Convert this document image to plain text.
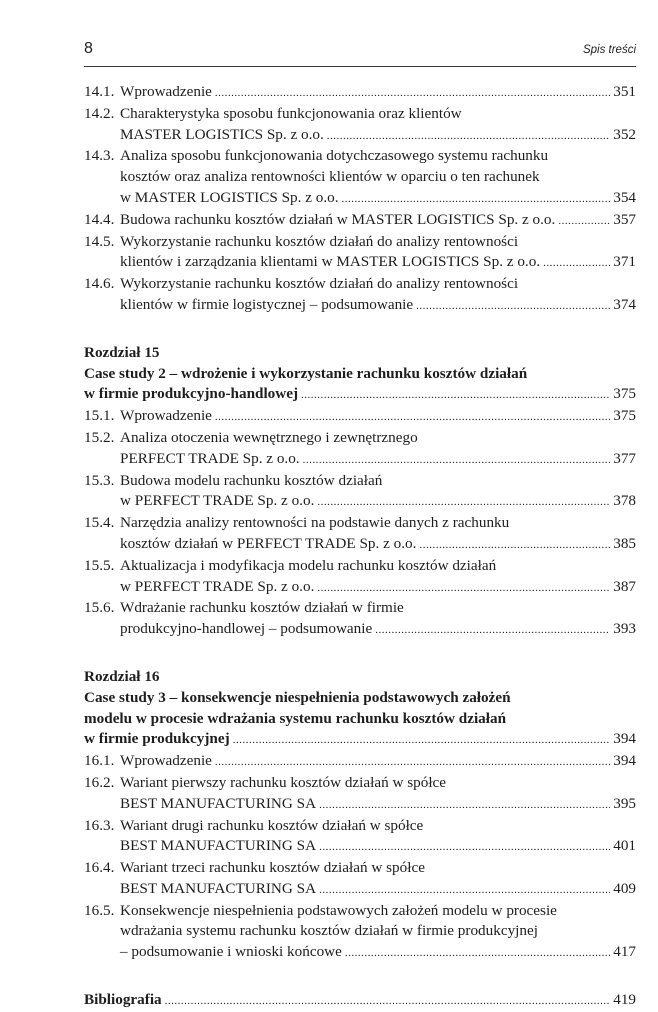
8	Spis treści
14.1. Wprowadzenie .....	351
14.2. Charakterystyka sposobu funkcjonowania oraz klientów
MASTER LOGISTICS Sp. z o.o. .....	352
14.3. Analiza sposobu funkcjonowania dotychczasowego systemu rachunku
kosztów oraz analiza rentowności klientów w oparciu o ten rachunek
w MASTER LOGISTICS Sp. z o.o. .....	354
14.4. Budowa rachunku kosztów działań w MASTER LOGISTICS Sp. z o.o. .....	357
14.5. Wykorzystanie rachunku kosztów działań do analizy rentowności
klientów i zarządzania klientami w MASTER LOGISTICS Sp. z o.o. .....	371
14.6. Wykorzystanie rachunku kosztów działań do analizy rentowności
klientów w firmie logistycznej – podsumowanie .....	374
Rozdział 15
Case study 2 – wdrożenie i wykorzystanie rachunku kosztów działań
w firmie produkcyjno-handlowej .....	375
15.1. Wprowadzenie .....	375
15.2. Analiza otoczenia wewnętrznego i zewnętrznego
PERFECT TRADE Sp. z o.o. .....	377
15.3. Budowa modelu rachunku kosztów działań
w PERFECT TRADE Sp. z o.o. .....	378
15.4. Narzędzia analizy rentowności na podstawie danych z rachunku
kosztów działań w PERFECT TRADE Sp. z o.o. .....	385
15.5. Aktualizacja i modyfikacja modelu rachunku kosztów działań
w PERFECT TRADE Sp. z o.o. .....	387
15.6. Wdrażanie rachunku kosztów działań w firmie
produkcyjno-handlowej – podsumowanie .....	393
Rozdział 16
Case study 3 – konsekwencje niespełnienia podstawowych założeń
modelu w procesie wdrażania systemu rachunku kosztów działań
w firmie produkcyjnej .....	394
16.1. Wprowadzenie .....	394
16.2. Wariant pierwszy rachunku kosztów działań w spółce
BEST MANUFACTURING SA .....	395
16.3. Wariant drugi rachunku kosztów działań w spółce
BEST MANUFACTURING SA .....	401
16.4. Wariant trzeci rachunku kosztów działań w spółce
BEST MANUFACTURING SA .....	409
16.5. Konsekwencje niespełnienia podstawowych założeń modelu w procesie
wdrażania systemu rachunku kosztów działań w firmie produkcyjnej
– podsumowanie i wnioski końcowe .....	417
Bibliografia .....	419
